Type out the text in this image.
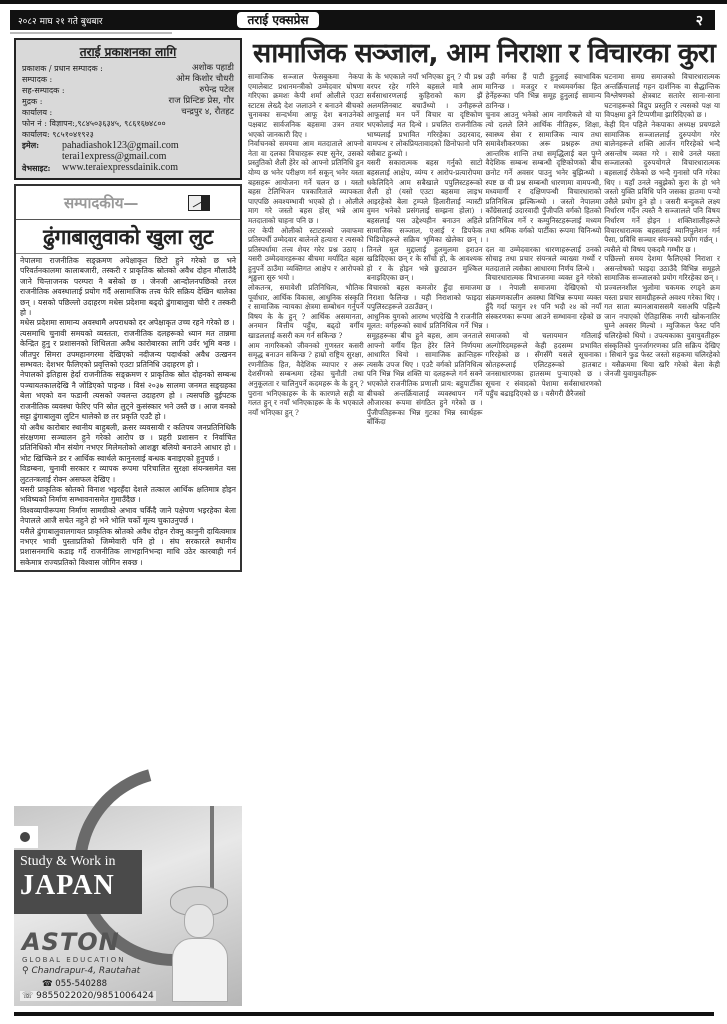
२०८२ माघ २१ गते बुधबार	तराई एक्सप्रेस	२
तराई प्रकाशनका लागि
प्रकाशक / प्रधान सम्पादक :	अशोक पहाडी
सम्पादक :	ओम किशोर चौधरी
सह-सम्पादक :	रुपेन्द्र पटेल
मुद्रक :	राज प्रिन्टिङ प्रेस, गौर
कार्यालय :	चन्द्रपुर ४, रौतहट
फोन नं : विज्ञापन:,९८४५०३६३४५, ९८६१६७४८००
कार्यालय: ९८५१०४१९२३
इमेल:	pahadiashok123@gmail.com
terai1express@gmail.com
वेभसाइट:	www.teraiexpressdainik.com
सम्पादकीय—
ढुंगाबालुवाको खुला लुट

नेपालमा राजनीतिक सङ्क्रमण अपेक्षाकृत छिटो हुने गरेको छ भने परिवर्तनकालमा कालाबजारी, तस्करी र प्राकृतिक स्रोतको अवैध दोहन मौलाउँदै जाने चिन्ताजनक परम्परा नै बसेको छ । जेनजी आन्दोलनपछिको तरल राजनीतिक अवस्थालाई प्रयोग गर्दै असामाजिक तत्त्व फेरि सक्रिय देखिन थालेका छन् । यसको पछिल्लो उदाहरण मधेस प्रदेशमा बढ्दो ढुंगाबालुवा चोरी र तस्करी हो ।

मधेस प्रदेशमा सामान्य अवस्थामै अपराधको दर अपेक्षाकृत उच्च रहने गरेको छ ।

त्यसमाथि चुनावी समयको व्यस्तता, राजनीतिक दलहरूको ध्यान मत तान्नमा केन्द्रित हुनु र प्रशासनको शिथिलता अवैध कारोबारका लागि उर्वर भूमि बन्छ । जीतपुर सिमरा उपमहानगरमा देखिएको नदीजन्य पदार्थको अवैध उत्खनन सम्भवत: देशभर फैलिएको प्रवृत्तिको एउटा प्रतिनिधि उदाहरण हो ।

नेपालको इतिहास हेर्दा राजनीतिक सङ्क्रमण र प्राकृतिक स्रोत दोहनको सम्बन्ध पञ्चायतकालदेखि नै जोडिएको पाइन्छ । विसं २०३७ सालमा जनमत सङ्ग्रहका बेला भएको वन फडानी त्यसको ज्वलन्त उदाहरण हो । त्यसपछि दुईपटक राजनीतिक व्यवस्था फेरिए पनि स्रोत लुट्ने कुसंस्कार भने उस्तै छ । आज वनको सट्टा ढुंगाबालुवा लुटिन थालेको छ तर प्रकृति एउटै हो ।

यो अवैध कारोबार स्थानीय बाहुबली, क्रसर व्यवसायी र कतिपय जनप्रतिनिधिकै संरक्षणमा सञ्चालन हुने गरेको आरोप छ । प्रहरी प्रशासन र निर्वाचित प्रतिनिधिको मौन संयोग नभएर मिलेमतोको आशङ्का बलियो बनाउने आधार हो । भोट खिच्किने डर र आर्थिक स्वार्थले कानुनलाई बन्धक बनाइएको हुनुपर्छ ।

विडम्बना, चुनावी सरकार र व्यापक रूपमा परिचालित सुरक्षा संयन्त्रसमेत यस लुटतन्त्रलाई रोक्न असफल देखिए ।

यसरी प्राकृतिक स्रोतको विनाश भइरहँदा देशले तत्काल आर्थिक क्षतिमात्र होइन भविष्यको निर्माण सम्भावनासमेत गुमाउँदैछ ।

विश्वव्यापीरूपमा निर्माण सामग्रीको अभाव चर्किंदै जाने पक्षेपण भइरहेका बेला नेपालले आजै सचेत नहुने हो भने भोलि चर्को मूल्य चुकाउनुपर्छ ।

यसैले ढुंगाबालुवालगायत प्राकृतिक स्रोतको अवैध दोहन रोक्नु कानुनी दायित्वमात्र नभएर भावी पुस्ताप्रतिको जिम्मेवारी पनि हो । संघ सरकारले स्थानीय प्रशासनमाथि कडाइ गर्दै राजनीतिक लाभहानिभन्दा माथि उठेर कारबाही गर्न सकेमात्र राज्यप्रतिको विश्वास जोगिन सक्छ ।

Study & Work in
JAPAN
ASTON
GLOBAL EDUCATION
⚲ Chandrapur-4, Rautahat
☎ 055-540288
☏ 9855022020/9851006424
सामाजिक सञ्जाल, आम निराशा र विचारका कुरा

सामाजिक सञ्जाल फेसबुकमा नेकपा एमालेबाट प्रधानमन्त्रीको उम्मेदवार घोषणा गरिएका क्रमशः केपी शर्मा ओलीले एउटा स्टाटस लेख्दै देश जलाउने र बनाउने बीचको चुनावका सन्दर्भमा आफू देश बनाउनेको पक्षबाट सार्वजनिक बहसमा उत्रन तयार भएको जानकारी दिए ।

निर्वाचनको समयमा आम मतदाताले आफ्नो नेता वा दलका विचारहरू स्पष्ट सुनेर, उसको प्रस्तुतिको शैली हेरेर को आफ्नो प्रतिनिधि हुन योग्य छ भनेर परीक्षण गर्न सकून् भनेर यस्ता बहसहरू आयोजना गर्ने चलन छ । यस्तो बहस टेलिभिजन पत्रकारिताले व्यापकता पाएपछि अवश्यम्भावी भएको हो । ओलीले माग गरे जस्तो बहस होस् भन्ने आम मतदाताको चाहना पनि छ ।

तर केपी ओलीको स्टाटसको जवाफमा प्रतिस्पर्धी उम्मेदवार बालेनले हत्यारा र त्यसको प्रतिस्पर्धामा तत्त्व शेयर गरेर प्रश्न उठाए । यसरी उम्मेदवारहरूका बीचमा मर्यादित बहस हुनुपर्ने ठाउँमा व्यक्तिगत आक्षेप र आरोपको शृङ्खला सुरु भयो ।

लोकतन्त्र, समावेशी प्रतिनिधित्व, भौतिक पूर्वाधार, आर्थिक विकास, आधुनिक संस्कृति र सामाजिक न्यायका क्षेत्रमा सम्बोधन गर्नुपर्ने विषय के के हुन् ? आर्थिक असमानता, अनमान वित्तीय पहुँच, बढ्दो वर्गीय खाडललाई कसरी कम गर्न सकिन्छ ?

आम नागरिकको जीवनको गुणस्तर कसरी समृद्ध बनाउन सकिन्छ ? हाम्रो राष्ट्रिय सुरक्षा, रणनीतिक हित, वैदेशिक व्यापार र अरू देशसँगको सम्बन्धमा रहेका चुनौती तथा अनुकूलता र चालिनुपर्ने कदमहरू के के हुन् ?

पुराना भनिएकाहरू के के कारणले सही या गलत हुन् र नयाँ भनिएकाहरू के के भएकाले नयाँ भनिएका हुन् ?

के के भएकाले नयाँ भनिएका हुन् ? यी प्रश्न वरपर रहेर गरिने बहसले मात्रै आम सर्वसाधारणलाई कुहिराको काग झैं अलमलिनबाट बचाउँथ्यो । उनीहरूले आफूलाई मन पर्ने विचार या दृष्टिकोण भएकोलाई मत दिन्थे । प्रचलित राजनीतिक भाष्यलाई प्रभावित गरिरहेका उदारवाद, वामपन्थ र लोकप्रियतावादको छिनोफानो पनि यसैबाट हुन्थ्यो ।

यसरी सकारात्मक बहस गर्नुको साटो बहसलाई आक्षेप, व्यंग्य र आरोप-प्रत्यारोपमा धकेलिदिने आम सबैखाले पपुलिस्टहरूको शैली हो (यसो एउटा बहसमा लाइभ आइरहेको बेला ट्रम्पले हिलारीलाई न्यास्टी वुमन भनेको प्रसंगलाई सम्झना होला) । बहसलाई यस उद्देश्यहीन बनाउन अहिले सामाजिक सञ्जाल, एआई र डिपफेक भिडियोहरूले सक्रिय भूमिका खेलेका छन् । तिनले मूल मुद्दालाई हुलमुलमा हराउन खडिदिएका छन् र के साँचो हो, के आवश्यक हो र के होइन भन्ने छुट्याउन मुश्किल बनाइदिएका छन् ।

विचारको बहस कमजोर हुँदा समाजमा निराशा फैलिन्छ । यही निराशाको फाइदा पपुलिस्टहरूले उठाउँछन् ।

आधुनिक युगको आरम्भ भएदेखि नै राजनीति मूलत: वर्गहरूको स्वार्थ प्रतिनिधित्व गर्ने भिन्न समूहहरूका बीच हुने बहस, आम जनताले आफ्नो वर्गीय हित हेरेर लिने निर्णयमा आधारित थियो । सामाजिक क्रान्तिहरू त्यसकै उपज थिए । एउटै वर्गको प्रतिनिधित्व पनि भिन्न भिन्न शक्ति या दलहरूले गर्न सक्ने भएकोले राजनीतिक प्रणाली प्राय: बहुपार्टीका बीचको अन्तर्क्रियालाई व्यवस्थापन गर्ने औजारका रूपमा संगठित हुने गरेको छ । पुँजीपतिहरूका भिन्न गुटका भिन्न स्वार्थहरू बाँकिंदा

उही वर्गका हैं पाटी हुनुलाई स्वाभाविक मानिन्छ । मजदुर र मध्यमवर्गका हित हेर्नेहरूका पनि भिन्न समूह हुनुलाई सामान्य ठानिन्छ ।

चुनाव आउनु भनेको आम नागरिकले यो या त्यो दलले लिने आर्थिक नीतिहरू, शिक्षा, स्वास्थ्य सेवा र सामाजिक न्याय तथा समावेशीकरणका अरू प्रश्नहरू तथा आन्तरिक शान्ति तथा समृद्धिलाई बल पुग्ने वैदेशिक सम्बन्ध सम्बन्धी दृष्टिकोणको बीच छनोट गर्ने अवसर पाउनु भनेर बुझिन्थ्यो । स्पष्ट छ यी प्रश्न सम्बन्धी धारणामा वामपन्थी, मध्यमार्गी र दक्षिणपन्थी विचारधाराको प्रतिनिधित्व झल्किन्थ्यो । जस्तो नेपालमा काँग्रेसलाई उदारवादी पुँजीपति वर्गको हितको प्रतिनिधित्व गर्ने र कम्युनिस्टहरूलाई मध्यम तथा श्रमिक वर्गको पार्टीका रूपमा चिनिन्थ्यो ।

दल वा उम्मेदवारका धारणाहरूलाई उनको सोचाइ तथा प्रचार संयन्त्रले व्याख्या गर्थ्यो र मतदाताले त्यसैका आधारमा निर्णय लिन्थे ।

विचारधारात्मक विभाजनमा व्यक्त हुने गरेको छ । नेपाली समाजमा देखिएको यो संक्रमणकालीन अवस्था विभिन्न रूपमा व्यक्त हुँदै गर्दा फागुन २१ पनि भदौ २४ को नयाँ संस्करणका रूपमा आउने सम्भावना रहेको छ ।

समाजको यो चलायमान गतिलाई अल्गोरिदमहरूले केही हदसम्म प्रभावित गरिरहेको छ । सँगसँगै यसले सूचनाका स्रोतहरूलाई एलिटहरूको हातबाट जनसाधारणका हातसम्म पुऱ्याएको छ । सूचना र संवादको पेशामा सर्वसाधारणको पहुँच बढाइदिएको छ । यसैगरी छैरैजसो

घटनामा समग्र समाजको विचारधारात्मक अन्तर्क्रियालाई गहन दार्शनिक वा सैद्धान्तिक विश्लेषणको क्षेत्रबाट सतारेर साना-साना घटनाहरूको विद्रुप प्रस्तुति र त्यसको पक्ष या विपक्षमा हुने टिप्पणीमा झारिदिएको छ ।

केही दिन पहिले नेकपाका अध्यक्ष प्रचण्डले सामाजिक सञ्जाललाई दुरुपयोग गरेर बालेनहरूले शक्ति आर्जन गरिरहेको भन्दै असन्तोष व्यक्त गरे । साथै उनले यस्ता सञ्जालको दुरुपयोगले विचारधारात्मक बहसलाई रोकेको छ भन्दै गुनासो पनि गरेका थिए । यहाँ उनले नबुझेको कुरा के हो भने जस्तो युक्ति प्रविधि पनि जसका हातमा पर्‍यो उसैले प्रयोग हुने हो । जसरी बन्दुकले लक्ष्य निर्धारण गर्दैन त्यस्तै नै सञ्जालले पनि विषय निर्धारण गर्ने होइन । शक्तिशालीहरूले विचारधारात्मक बहसलाई म्यानिपुलेशन गर्न पैसा, प्रविधि सञ्चार संयन्त्रको प्रयोग गर्छन् ।

त्यसैले यो विषय एकदमै गम्भीर छ ।

पछिल्लो समय देशमा फैलिएको निराशा र असन्तोषको फाइदा उठाउँदै विभिन्न समूहले सामाजिक सञ्जालको प्रयोग गरिरहेका छन् ।

प्रज्वलनशील भुलोमा चकमक रगड्ने क्रम यस्ता प्रचार सामग्रीहरूले अवश्य गरेका थिए ।

गत साता ब्यानआवाससमै यसअघि पहिल्यै जान नपाएको ऐतिहासिक नगरी खोकनातिर घुम्ने अवसर मिल्यो । म्युजिकल फेस्ट पनि चलिरहेको थियो । उपत्यकाका युवायुवतीहरू संस्कृतिको पुनर्जागरणका प्रति सक्रिय देखिए । सिथाने फुड फेस्ट जस्तो सहकमा चलिरहेको । यसैक्रममा थिया खरि गरेको बेला केही जेनजी युवायुवतीहरू
